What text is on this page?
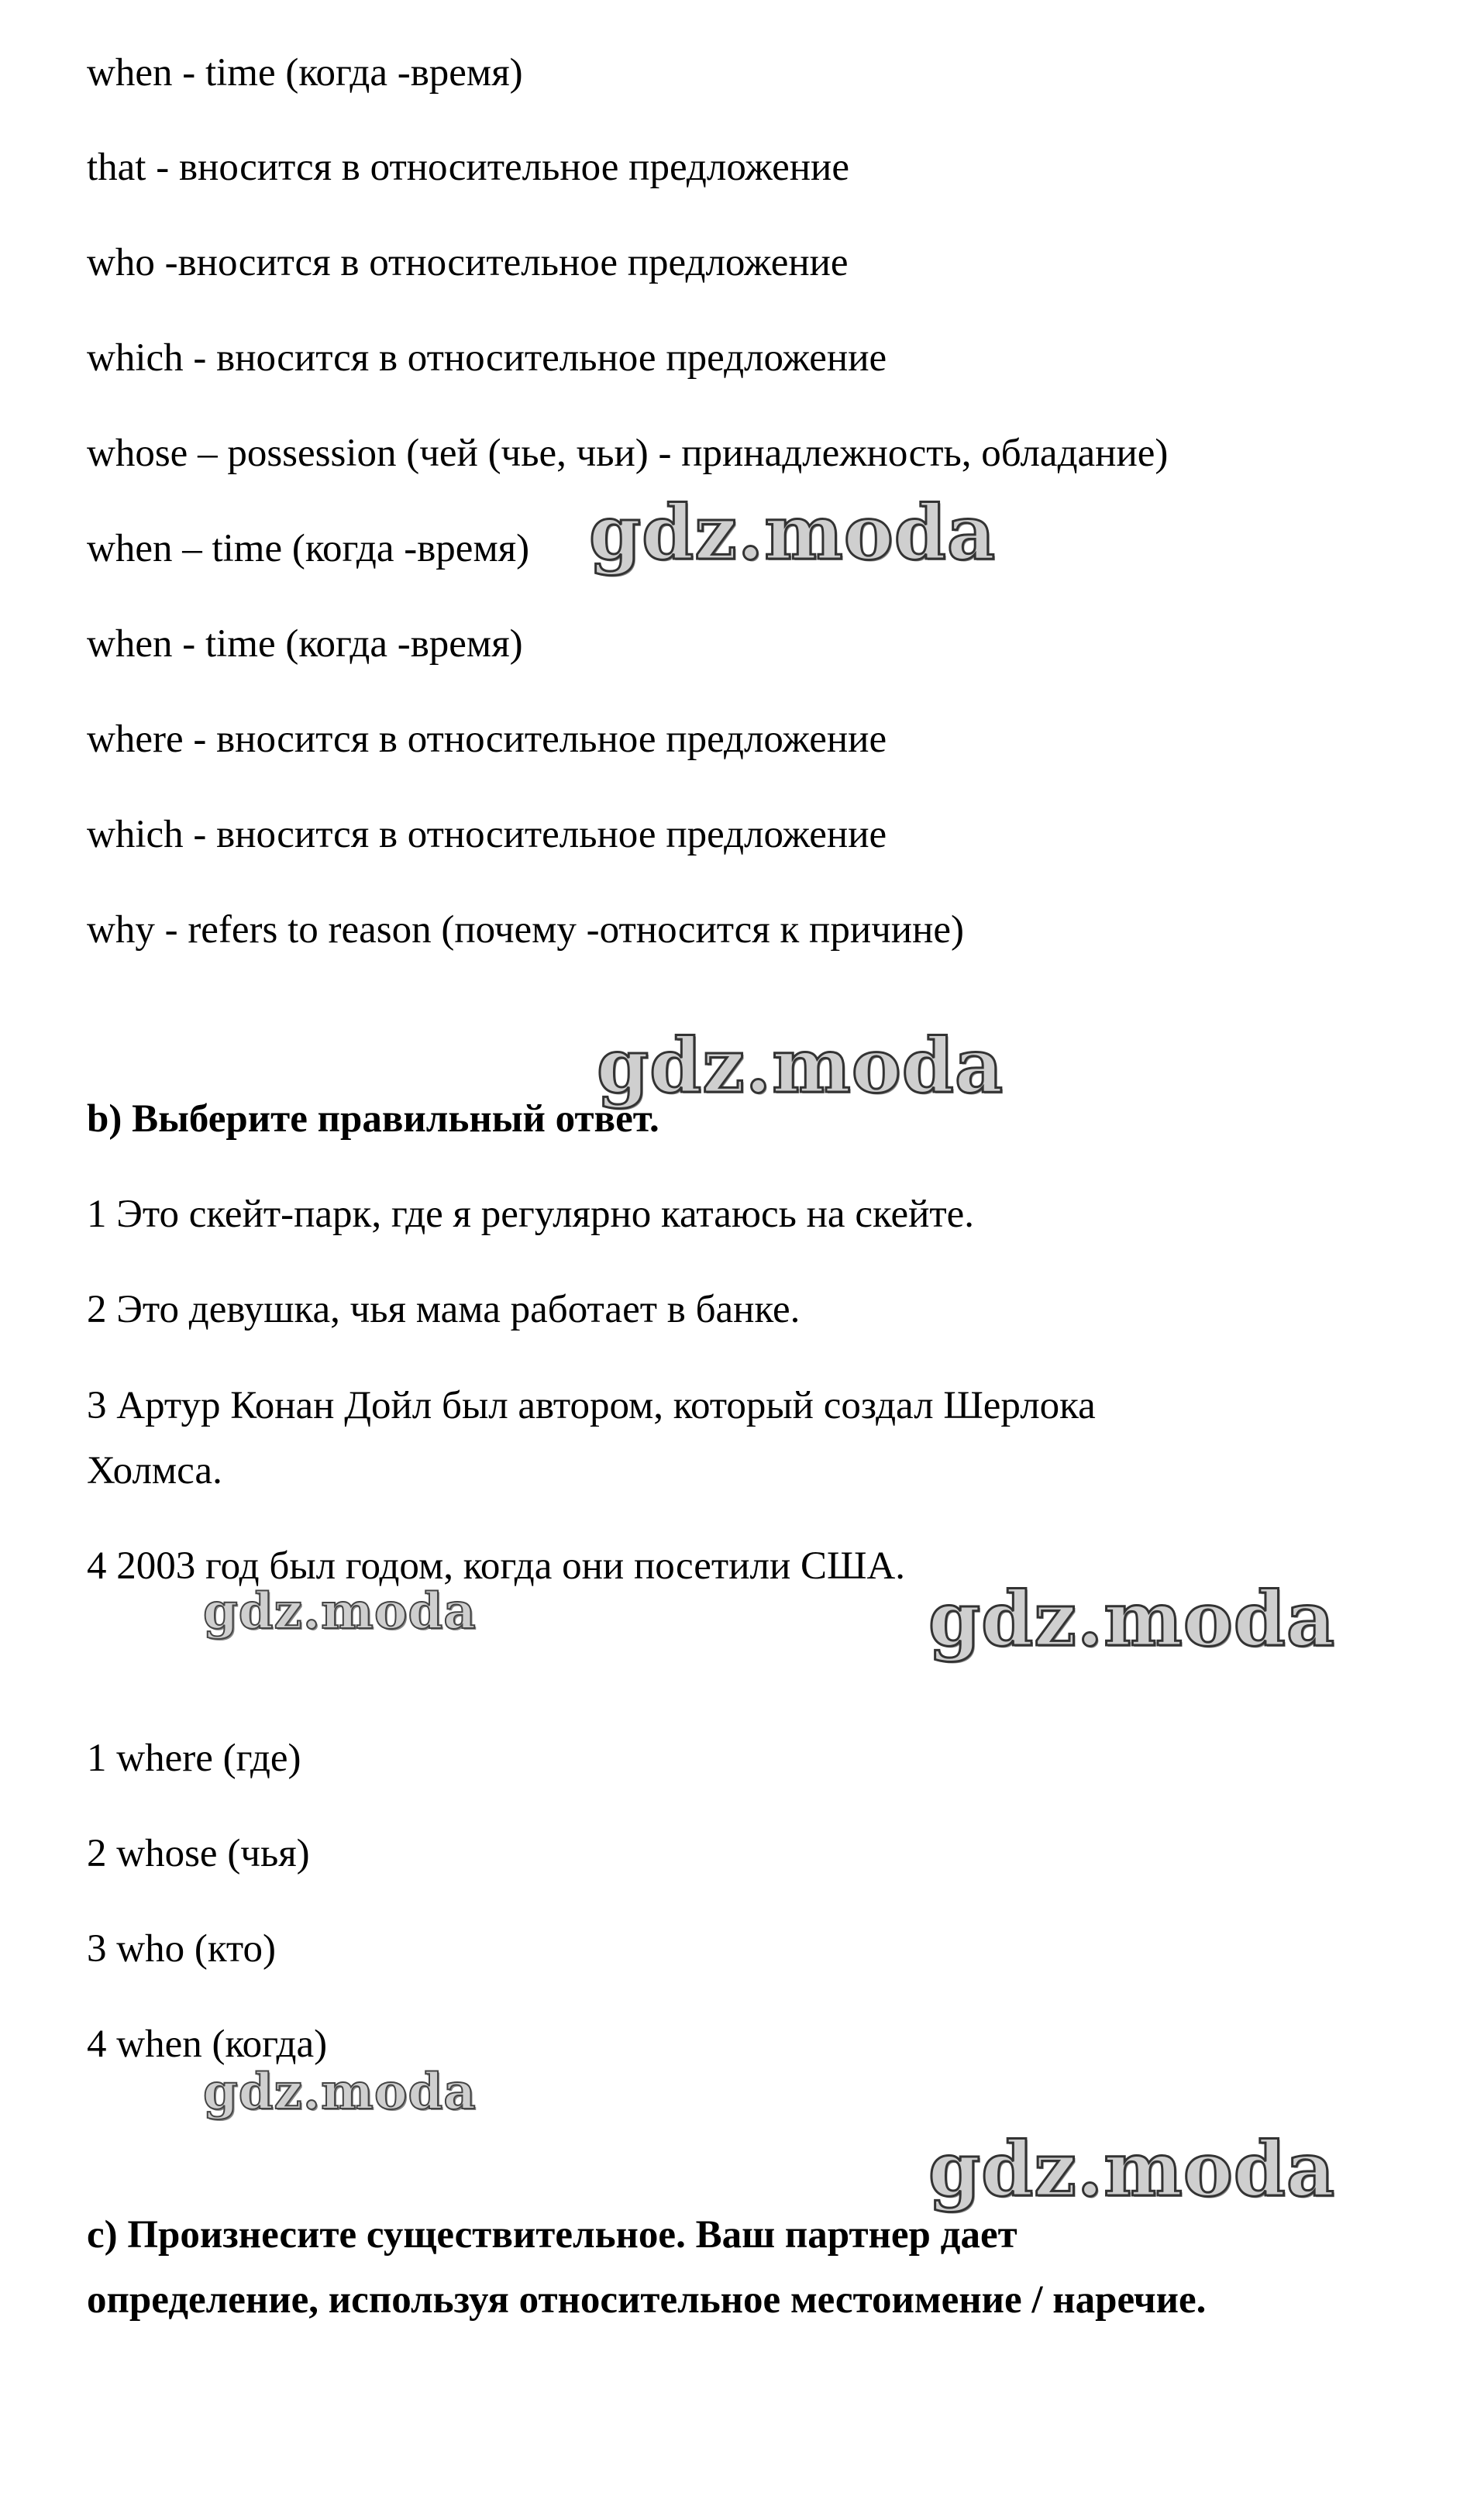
when - time (когда -время)

that - вносится в относительное предложение

who -вносится в относительное предложение

which - вносится в относительное предложение

whose – possession (чей (чье, чьи) - принадлежность, обладание)

when – time (когда -время)

when - time (когда -время)

where - вносится в относительное предложение

which - вносится в относительное предложение

why - refers to reason (почему -относится к причине)

b) Выберите правильный ответ.

1 Это скейт-парк, где я регулярно катаюсь на скейте.

2 Это девушка, чья мама работает в банке.

3 Артур Конан Дойл был автором, который создал Шерлока

Холмса.

4 2003 год был годом, когда они посетили США.

1 where (где)

2 whose (чья)

3 who (кто)

4 when (когда)

c) Произнесите существительное. Ваш партнер дает

определение, используя относительное местоимение / наречие.

gdz.moda
gdz.moda
gdz.moda	gdz.moda
gdz.moda
gdz.moda
